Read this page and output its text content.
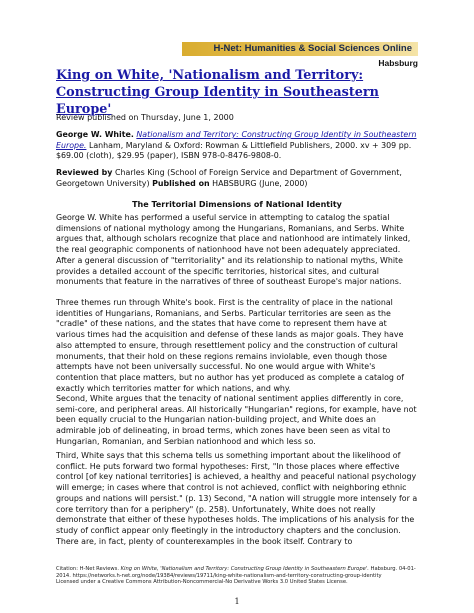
H-Net: Humanities & Social Sciences Online
Habsburg
King on White, 'Nationalism and Territory: Constructing Group Identity in Southeastern Europe'
Review published on Thursday, June 1, 2000
George W. White. Nationalism and Territory: Constructing Group Identity in Southeastern Europe. Lanham, Maryland & Oxford: Rowman & Littlefield Publishers, 2000. xv + 309 pp. $69.00 (cloth), $29.95 (paper), ISBN 978-0-8476-9808-0.
Reviewed by Charles King (School of Foreign Service and Department of Government, Georgetown University) Published on HABSBURG (June, 2000)
The Territorial Dimensions of National Identity

George W. White has performed a useful service in attempting to catalog the spatial dimensions of national mythology among the Hungarians, Romanians, and Serbs. White argues that, although scholars recognize that place and nationhood are intimately linked, the real geographic components of nationhood have not been adequately appreciated. After a general discussion of "territoriality" and its relationship to national myths, White provides a detailed account of the specific territories, historical sites, and cultural monuments that feature in the narratives of three of southeast Europe's major nations.

Three themes run through White's book. First is the centrality of place in the national identities of Hungarians, Romanians, and Serbs. Particular territories are seen as the "cradle" of these nations, and the states that have come to represent them have at various times had the acquisition and defense of these lands as major goals. They have also attempted to ensure, through resettlement policy and the construction of cultural monuments, that their hold on these regions remains inviolable, even though those attempts have not been universally successful. No one would argue with White's contention that place matters, but no author has yet produced as complete a catalog of exactly which territories matter for which nations, and why.

Second, White argues that the tenacity of national sentiment applies differently in core, semi-core, and peripheral areas. All historically "Hungarian" regions, for example, have not been equally crucial to the Hungarian nation-building project, and White does an admirable job of delineating, in broad terms, which zones have been seen as vital to Hungarian, Romanian, and Serbian nationhood and which less so.

Third, White says that this schema tells us something important about the likelihood of conflict. He puts forward two formal hypotheses: First, "In those places where effective control [of key national territories] is achieved, a healthy and peaceful national psychology will emerge; in cases where that control is not achieved, conflict with neighboring ethnic groups and nations will persist." (p. 13) Second, "A nation will struggle more intensely for a core territory than for a periphery" (p. 258). Unfortunately, White does not really demonstrate that either of these hypotheses holds. The implications of his analysis for the study of conflict appear only fleetingly in the introductory chapters and the conclusion. There are, in fact, plenty of counterexamples in the book itself. Contrary to

Citation: H-Net Reviews. King on White, 'Nationalism and Territory: Constructing Group Identity in Southeastern Europe'. Habsburg. 04-01-2014. https://networks.h-net.org/node/19384/reviews/19711/king-white-nationalism-and-territory-constructing-group-identity
Licensed under a Creative Commons Attribution-Noncommercial-No Derivative Works 3.0 United States License.
1
